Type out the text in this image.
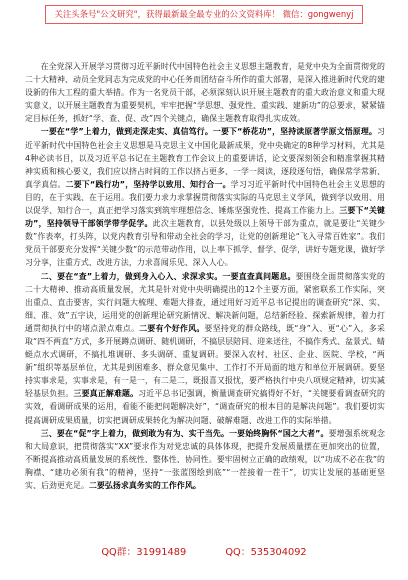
关注头条号"公文研究"，获得最新最全最专业的公文资料库！ 微信：gongwenyj

在全党深入开展学习贯彻习近平新时代中国特色社会主义思想主题教育，是党中央为全面贯彻党的二十大精神、动员全党同志为完成党的中心任务而团结奋斗所作的重大部署，是深入推进新时代党的建设新的伟大工程的重大举措。作为一名党员干部，必须深刻认识开展主题教育的重大政治意义和重大现实意义，以开展主题教育为重要契机，牢牢把握“学思想、强党性、重实践、建新功”的总要求，紧紧锚定目标任务，抓好“学、查、促、改”四个关键点，确保主题教育取得扎实成效。

一要在“学”上着力，做到走深走实、真信笃行。一要下“桥花功”，坚持读原著学原文悟原理。习近平新时代中国特色社会主义思想是马克思主义中国化最新成果，党中央确定的8种学习材料，尤其是4种必读书目，以及习近平总书记在主题教育工作会议上的重要讲话，论文要深刻领会和精准掌握其精神实质和核心要义，我们应以挤占时间的工作以挤占更多、一学一阅读，逐段逐句悟，确保常学常新、真学真信。二要下“践行功”，坚持学以致用、知行合一。学习习近平新时代中国特色社会主义思想的目的，在于实践、在于运用。我们要力求力求掌握贯彻落实实际的马克思主义学风，做到学以致用、用以促学、知行合一，真正把学习落实到筑牢理想信念、锤炼坚强党性、提高工作能力上。三要下“关键功”，坚持领导干部领学带学促学。此次主题教育，以县处级以上领导干部为重点，就是要让“关键少数”作表率，打头阵，以党内教育引导和带动全社会的学习，让党的创新理论“飞入寻常百姓家”。我们党员干部要充分发挥“关键少数”的示范带动作用，以上率下抓学、督学、促学，讲好专题党课，做好学习分享，注重方式、改进方法，力求喜闻乐见、深入人心。

二、要在“查”上着力，做到身入心入、求深求实。一要直查真问题息。要围绕全面贯彻落实党的二十大精神、推动高质量发展，尤其是针对党中央明确提出的12个主要方面，紧密联系工作实际，突出重点、直击要害，实行问题大梳理、难题大排查，通过用好习近平总书记提出的调查研究“深、实、细、准、效”五字诀，运用党的创新理论研究新情况、解决新问题，总结新经验、探索新规律，着力打通贯彻执行中的堵点淤点难点。二要有个好作风。要坚持党的群众路线，既“身”入、更“心”入，多采取“四不两直”方式，多开展蹲点调研、随机调研，不搞层层陪同、迎来送往，不搞作秀式、盆景式、蜻蜓点水式调研，不搞扎堆调研、多头调研、重复调研。要深入农村、社区、企业、医院、学校，“两新”组织等基层单位，尤其是到困难多、群众意见集中、工作打不开局面的地方和单位开展调研。要坚持实事求是，实事求是，有一是一，有二是二，既报喜又报忧，要严格执行中央八项规定精神，切实减轻基层负担。三要真正解难题。习近平总书记强调，衡量调查研究搞得好不好，“关键要看调查研究的实效，看调研成果的运用，看能不能把问题解决好”，“调查研究的根本目的是解决问题”。我们要切实提高调研成果质量，切实把调研成果转化为解决问题、破解难题、改进工作的实际举措。

三、要在“促”字上着力，做到敢为有为、实干当先。一要始终胸怀“国之大者”。要增强系统观念和大局意识，把贯彻落实“XX”要求作为对党忠诚的具体体现，把提升发展质量摆在更加突出的位置，不断提高推动高质量发展的系统性、整体性、协同性。要牢固树立正确的政绩观，以“功成不必在我”的胸襟、“建功必须有我”的精神，坚持“一张蓝图绘到底”“一茬接着一茬干”，切实让发展的基础更坚实、后劲更充足。二要弘扬求真务实的工作作风。

QQ群：31991489	QQ：535304092
